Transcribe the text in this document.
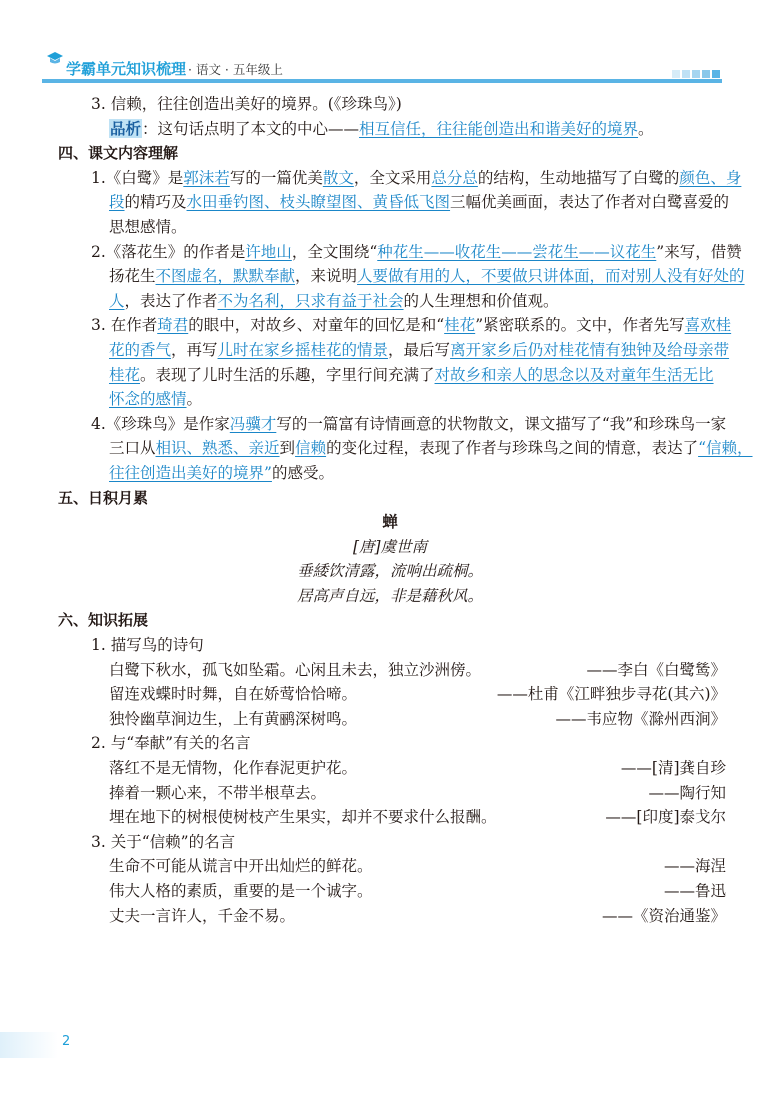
学霸单元知识梳理 · 语文 · 五年级上
3. 信赖，往往创造出美好的境界。(《珍珠鸟》)
品析：这句话点明了本文的中心——相互信任，往往能创造出和谐美好的境界。
四、课文内容理解
1.《白鹭》是郭沫若写的一篇优美散文，全文采用总分总的结构，生动地描写了白鹭的颜色、身
段的精巧及水田垂钓图、枝头瞭望图、黄昏低飞图三幅优美画面，表达了作者对白鹭喜爱的
思想感情。
2.《落花生》的作者是许地山，全文围绕“种花生——收花生——尝花生——议花生”来写，借赞
扬花生不图虚名，默默奉献，来说明人要做有用的人，不要做只讲体面，而对别人没有好处的
人，表达了作者不为名利，只求有益于社会的人生理想和价值观。
3. 在作者琦君的眼中，对故乡、对童年的回忆是和“桂花”紧密联系的。文中，作者先写喜欢桂
花的香气，再写儿时在家乡摇桂花的情景，最后写离开家乡后仍对桂花情有独钟及给母亲带
桂花。表现了儿时生活的乐趣，字里行间充满了对故乡和亲人的思念以及对童年生活无比
怀念的感情。
4.《珍珠鸟》是作家冯骥才写的一篇富有诗情画意的状物散文，课文描写了“我”和珍珠鸟一家
三口从相识、熟悉、亲近到信赖的变化过程，表现了作者与珍珠鸟之间的情意，表达了“信赖，
往往创造出美好的境界”的感受。
五、日积月累
蝉
[唐]虞世南
垂緌饮清露，流响出疏桐。
居高声自远，非是藉秋风。
六、知识拓展
1. 描写鸟的诗句
白鹭下秋水，孤飞如坠霜。心闲且未去，独立沙洲傍。	——李白《白鹭鸶》
留连戏蝶时时舞，自在娇莺恰恰啼。	——杜甫《江畔独步寻花(其六)》
独怜幽草涧边生，上有黄鹂深树鸣。	——韦应物《滁州西涧》
2. 与“奉献”有关的名言
落红不是无情物，化作春泥更护花。	——[清]龚自珍
捧着一颗心来，不带半根草去。	——陶行知
埋在地下的树根使树枝产生果实，却并不要求什么报酬。	——[印度]泰戈尔
3. 关于“信赖”的名言
生命不可能从谎言中开出灿烂的鲜花。	——海涅
伟大人格的素质，重要的是一个诚字。	——鲁迅
丈夫一言许人，千金不易。	——《资治通鉴》
2
